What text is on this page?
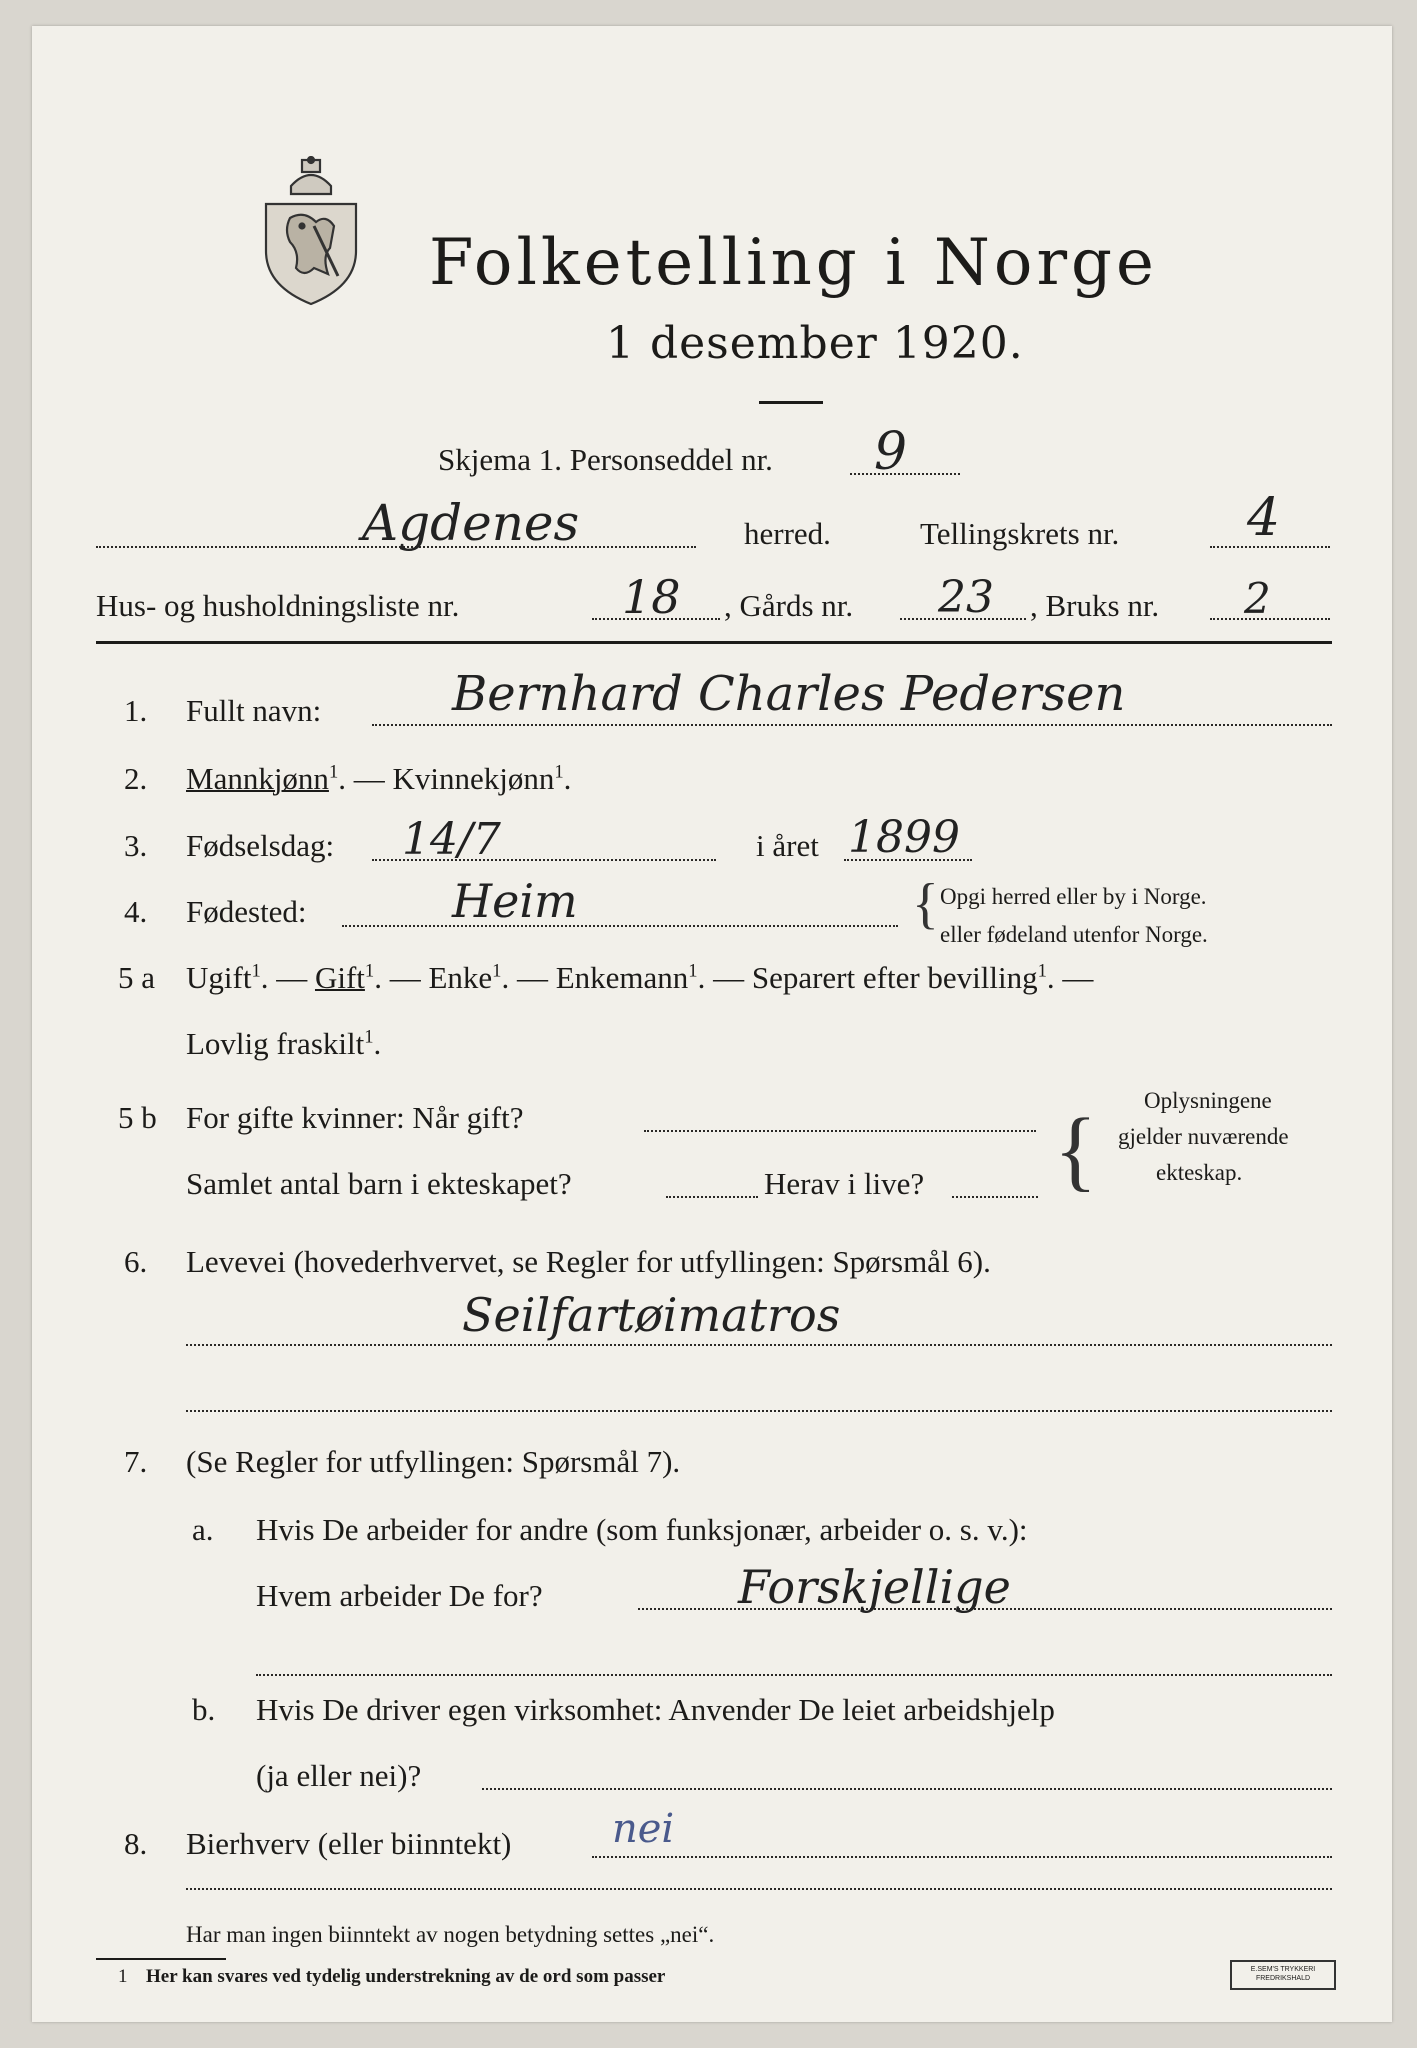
Folketelling i Norge
1 desember 1920.
Skjema 1. Personseddel nr. 9
Agdenes	herred.	Tellingskrets nr. 4
Hus- og husholdningsliste nr.	18 , Gårds nr. 23 , Bruks nr. 2
1. Fullt navn:	Bernhard Charles Pedersen
2. Mannkjønn$^1$. — Kvinnekjønn$^1$.
3. Fødselsdag: 14/7	i året 1899
4. Fødested:	Heim	{ Opgi herred eller by i Norge.
eller fødeland utenfor Norge.
5 a Ugift$^1$. — Gift$^1$. — Enke$^1$. — Enkemann$^1$. — Separert efter bevilling$^1$. —
Lovlig fraskilt$^1$.
5 b For gifte kvinner: Når gift?
Samlet antal barn i ekteskapet?	Herav i live? {
Oplysningene
gjelder nuværende
ekteskap.
6. Levevei (hovederhvervet, se Regler for utfyllingen: Spørsmål 6).
Seilfartøimatros
7. (Se Regler for utfyllingen: Spørsmål 7).
a. Hvis De arbeider for andre (som funksjonær, arbeider o. s. v.):
Hvem arbeider De for?	Forskjellige
b. Hvis De driver egen virksomhet: Anvender De leiet arbeidshjelp
(ja eller nei)?
8. Bierhverv (eller biinntekt)	nei
Har man ingen biinntekt av nogen betydning settes „nei“.
1 Her kan svares ved tydelig understrekning av de ord som passer	E.SEM'S TRYKKERI FREDRIKSHALD
